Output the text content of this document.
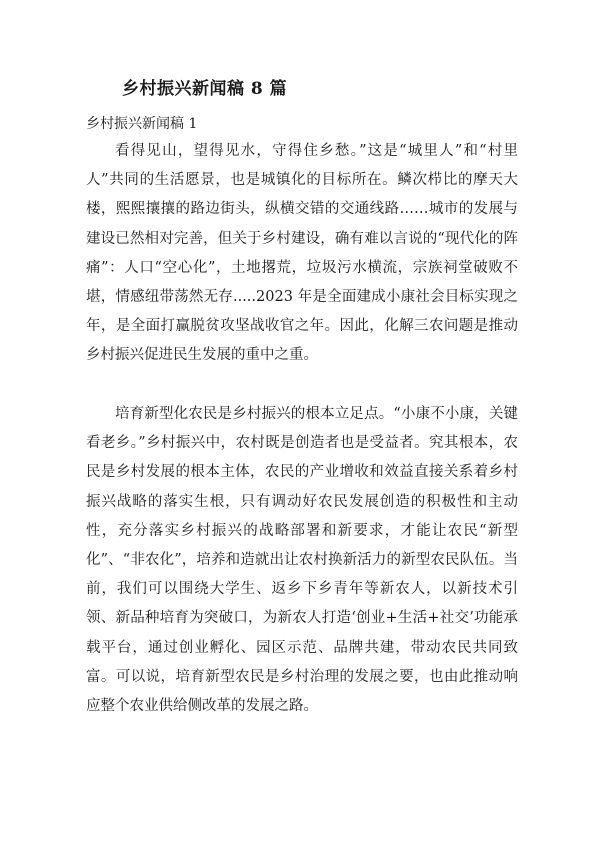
乡村振兴新闻稿 8 篇
乡村振兴新闻稿 1

看得见山，望得见水，守得住乡愁。”这是“城里人”和“村里人”共同的生活愿景，也是城镇化的目标所在。鳞次栉比的摩天大楼，熙熙攘攘的路边街头，纵横交错的交通线路……城市的发展与建设已然相对完善，但关于乡村建设，确有难以言说的“现代化的阵痛”：人口“空心化”，土地撂荒，垃圾污水横流，宗族祠堂破败不堪，情感纽带荡然无存.....2023 年是全面建成小康社会目标实现之年，是全面打赢脱贫攻坚战收官之年。因此，化解三农问题是推动乡村振兴促进民生发展的重中之重。

培育新型化农民是乡村振兴的根本立足点。“小康不小康，关键看老乡。”乡村振兴中，农村既是创造者也是受益者。究其根本，农民是乡村发展的根本主体，农民的产业增收和效益直接关系着乡村振兴战略的落实生根，只有调动好农民发展创造的积极性和主动性，充分落实乡村振兴的战略部署和新要求，才能让农民“新型化”、“非农化”，培养和造就出让农村换新活力的新型农民队伍。当前，我们可以围绕大学生、返乡下乡青年等新农人，以新技术引领、新品种培育为突破口，为新农人打造‘创业+生活+社交’功能承载平台，通过创业孵化、园区示范、品牌共建，带动农民共同致富。可以说，培育新型农民是乡村治理的发展之要，也由此推动响应整个农业供给侧改革的发展之路。
